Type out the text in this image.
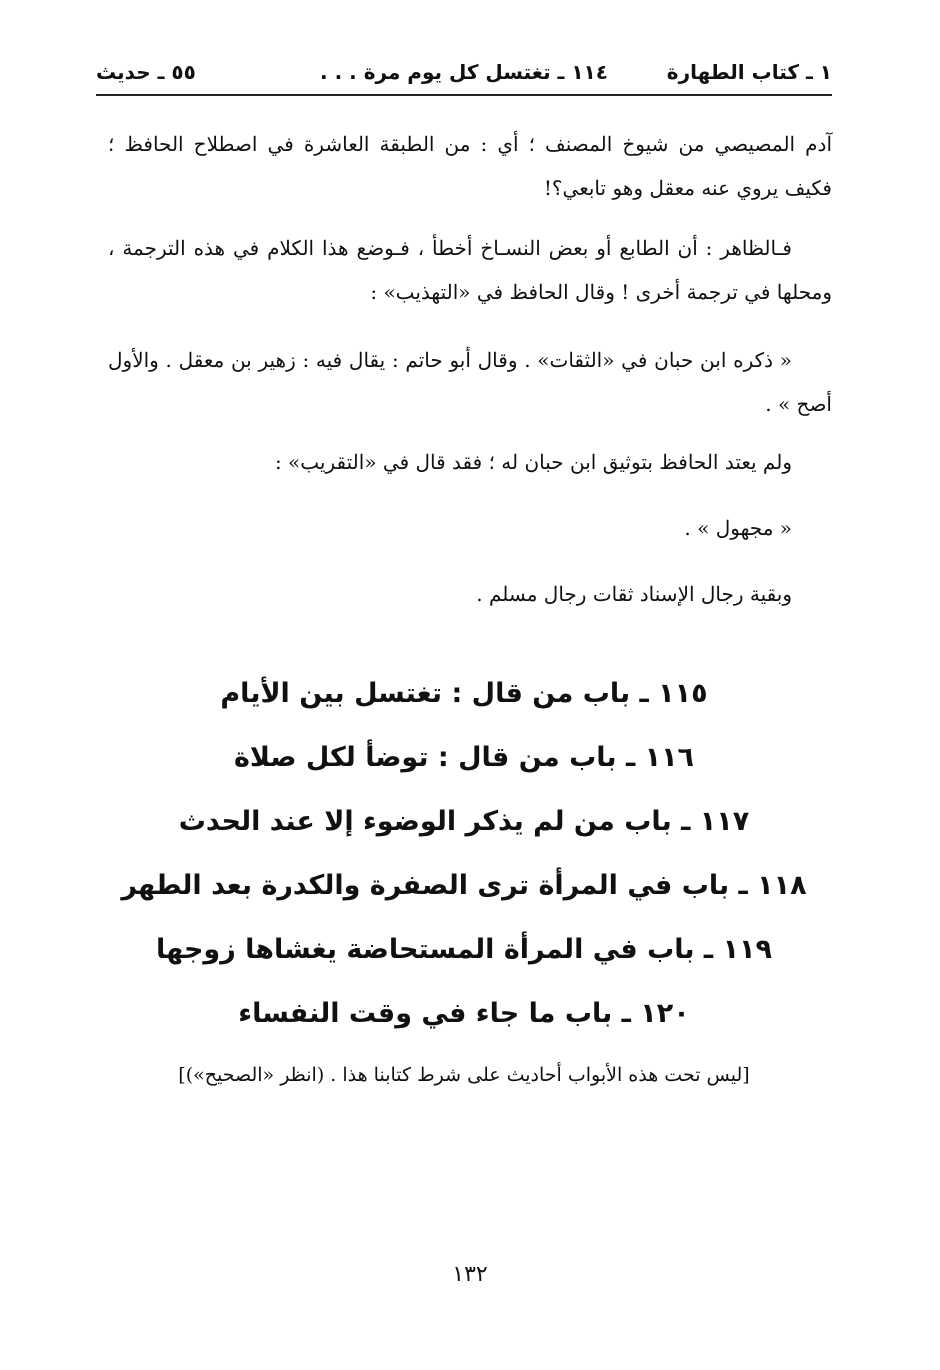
١ ـ كتاب الطهارة
١١٤ ـ تغتسل كل يوم مرة . . .
٥٥ ـ حديث
آدم المصيصي من شيوخ المصنف ؛ أي : من الطبقة العاشرة في اصطلاح الحافظ ؛ فكيف يروي عنه معقل وهو تابعي؟!
فـالظاهر : أن الطابع أو بعض النسـاخ أخطأ ، فـوضع هذا الكلام في هذه الترجمة ، ومحلها في ترجمة أخرى ! وقال الحافظ في «التهذيب» :
« ذكره ابن حبان في «الثقات» . وقال أبو حاتم : يقال فيه : زهير بن معقل . والأول أصح » .
ولم يعتد الحافظ بتوثيق ابن حبان له ؛ فقد قال في «التقريب» :
« مجهول » .
وبقية رجال الإسناد ثقات رجال مسلم .
١١٥ ـ باب من قال : تغتسل بين الأيام
١١٦ ـ باب من قال : توضأ لكل صلاة
١١٧ ـ باب من لم يذكر الوضوء إلا عند الحدث
١١٨ ـ باب في المرأة ترى الصفرة والكدرة بعد الطهر
١١٩ ـ باب في المرأة المستحاضة يغشاها زوجها
١٢٠ ـ باب ما جاء في وقت النفساء
[ليس تحت هذه الأبواب أحاديث على شرط كتابنا هذا . (انظر «الصحيح»)]
١٣٢
